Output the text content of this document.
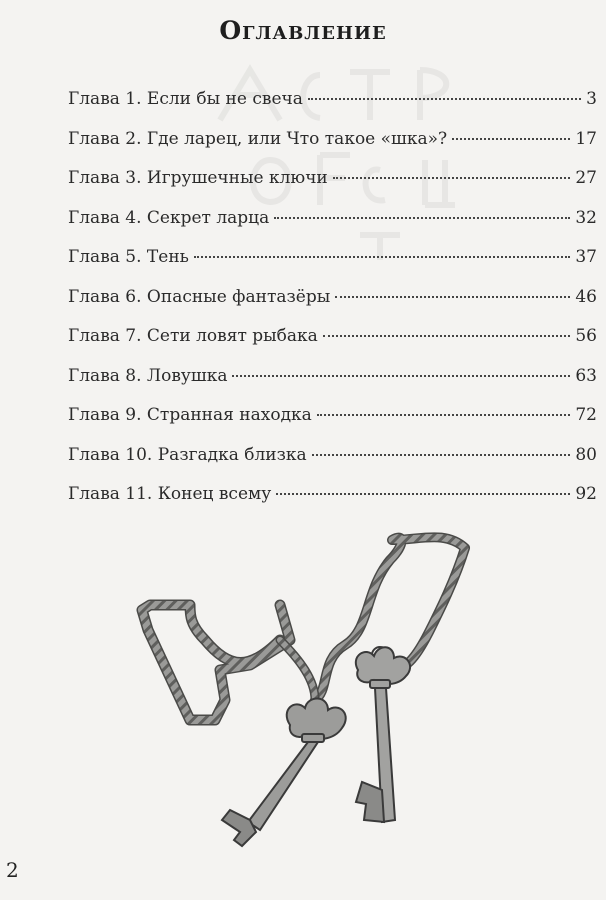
Оглавление
Глава 1. Если бы не свеча	3
Глава 2. Где ларец, или Что такое «шка»?	17
Глава 3. Игрушечные ключи	27
Глава 4. Секрет ларца	32
Глава 5. Тень	37
Глава 6. Опасные фантазёры	46
Глава 7. Сети ловят рыбака	56
Глава 8. Ловушка	63
Глава 9. Странная находка	72
Глава 10. Разгадка близка	80
Глава 11. Конец всему	92
2
